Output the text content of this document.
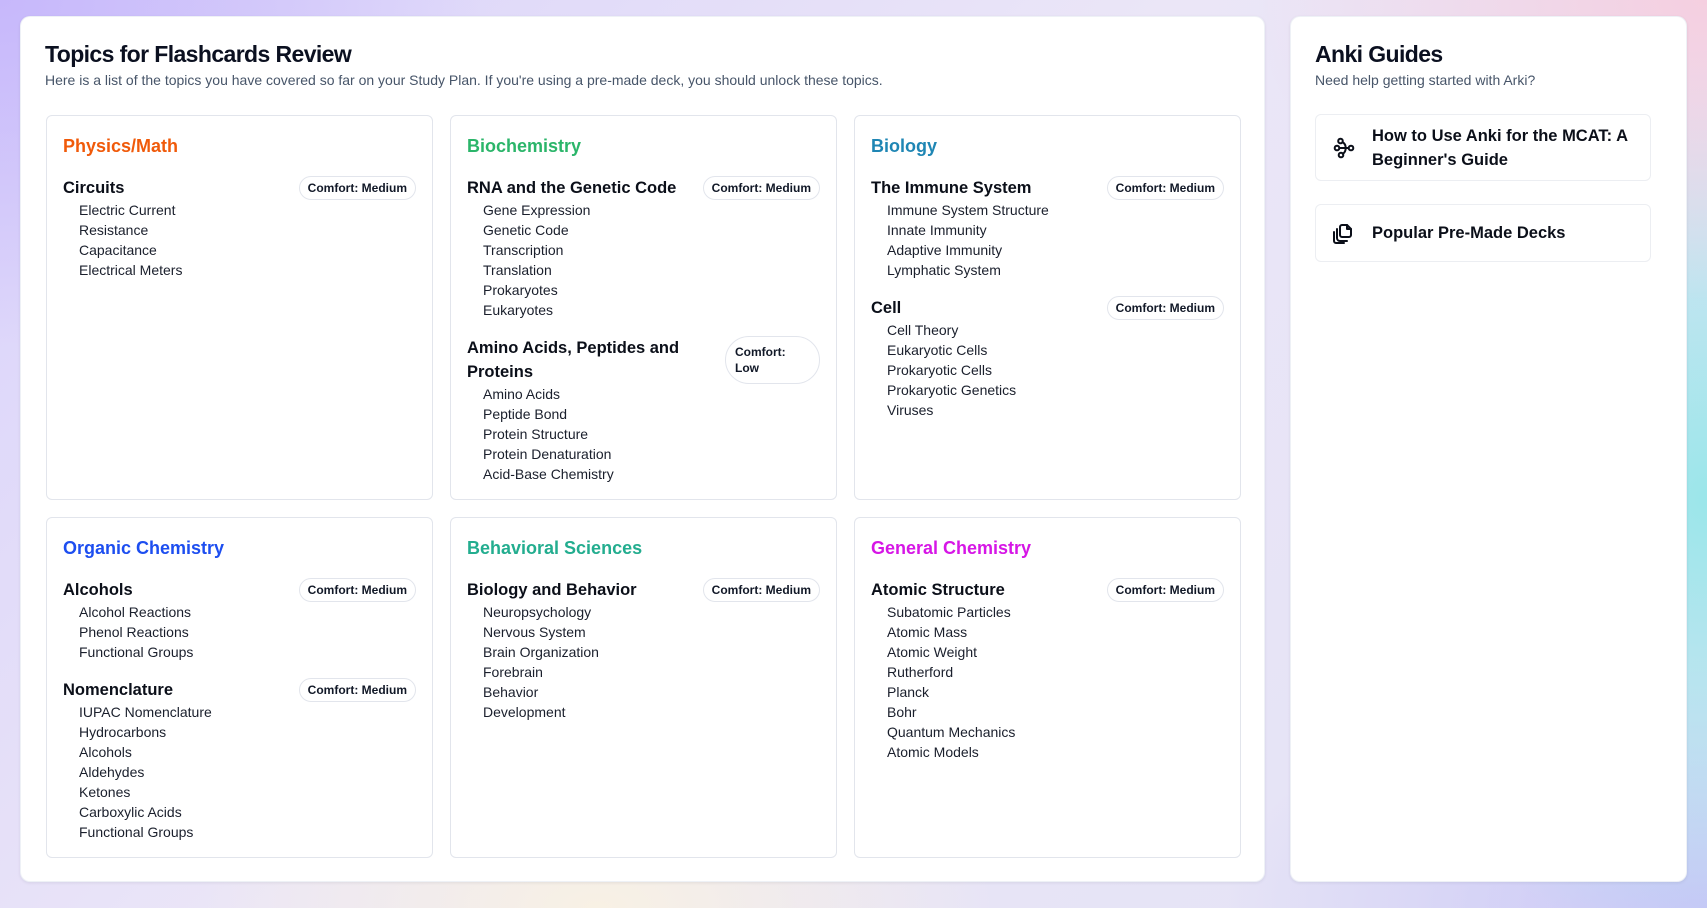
Topics for Flashcards Review

Here is a list of the topics you have covered so far on your Study Plan. If you're using a pre-made deck, you should unlock these topics.

Physics/Math
Circuits	Comfort: Medium
Electric Current
Resistance
Capacitance
Electrical Meters
Biochemistry
RNA and the Genetic Code	Comfort: Medium
Gene Expression
Genetic Code
Transcription
Translation
Prokaryotes
Eukaryotes
Amino Acids, Peptides and Proteins
Comfort: Low
Amino Acids
Peptide Bond
Protein Structure
Protein Denaturation
Acid-Base Chemistry
Biology
The Immune System	Comfort: Medium
Immune System Structure
Innate Immunity
Adaptive Immunity
Lymphatic System
Cell	Comfort: Medium
Cell Theory
Eukaryotic Cells
Prokaryotic Cells
Prokaryotic Genetics
Viruses
Organic Chemistry
Alcohols	Comfort: Medium
Alcohol Reactions
Phenol Reactions
Functional Groups
Nomenclature	Comfort: Medium
IUPAC Nomenclature
Hydrocarbons
Alcohols
Aldehydes
Ketones
Carboxylic Acids
Functional Groups
Behavioral Sciences
Biology and Behavior	Comfort: Medium
Neuropsychology
Nervous System
Brain Organization
Forebrain
Behavior
Development
General Chemistry
Atomic Structure	Comfort: Medium
Subatomic Particles
Atomic Mass
Atomic Weight
Rutherford
Planck
Bohr
Quantum Mechanics
Atomic Models
Anki Guides

Need help getting started with Arki?

How to Use Anki for the MCAT: A Beginner's Guide
Popular Pre-Made Decks
